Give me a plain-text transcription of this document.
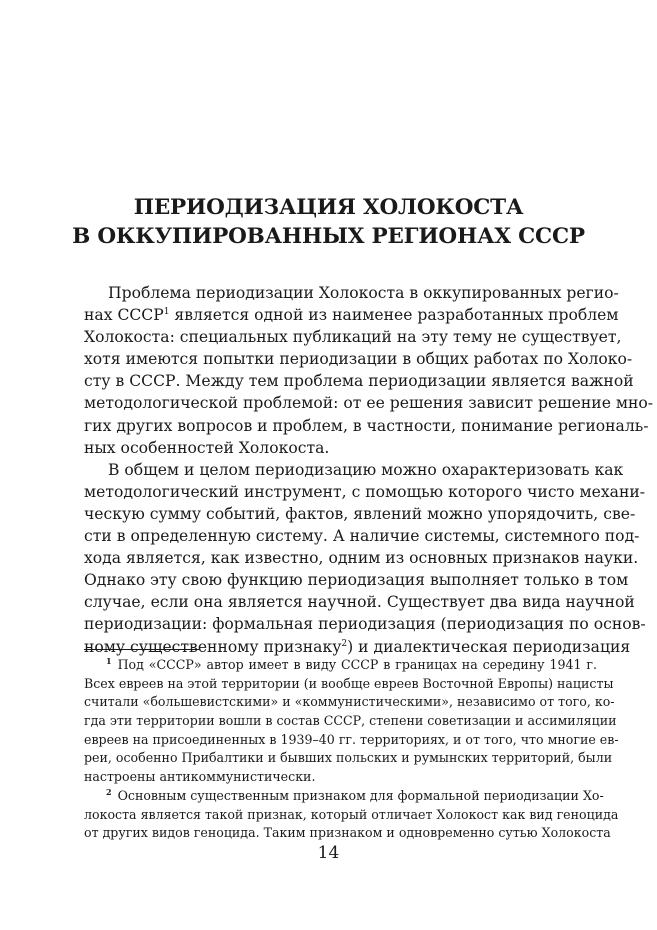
ПЕРИОДИЗАЦИЯ ХОЛОКОСТА
В ОККУПИРОВАННЫХ РЕГИОНАХ СССР
Проблема периодизации Холокоста в оккупированных регио-
нах СССР$^1$ является одной из наименее разработанных проблем
Холокоста: специальных публикаций на эту тему не существует,
хотя имеются попытки периодизации в общих работах по Холоко-
сту в СССР. Между тем проблема периодизации является важной
методологической проблемой: от ее решения зависит решение мно-
гих других вопросов и проблем, в частности, понимание региональ-
ных особенностей Холокоста.
В общем и целом периодизацию можно охарактеризовать как
методологический инструмент, с помощью которого чисто механи-
ческую сумму событий, фактов, явлений можно упорядочить, све-
сти в определенную систему. А наличие системы, системного под-
хода является, как известно, одним из основных признаков науки.
Однако эту свою функцию периодизация выполняет только в том
случае, если она является научной. Существует два вида научной
периодизации: формальная периодизация (периодизация по основ-
ному существенному признаку$^2$) и диалектическая периодизация
$^1$ Под «СССР» автор имеет в виду СССР в границах на середину 1941 г.
Всех евреев на этой территории (и вообще евреев Восточной Европы) нацисты
считали «большевистскими» и «коммунистическими», независимо от того, ко-
гда эти территории вошли в состав СССР, степени советизации и ассимиляции
евреев на присоединенных в 1939–40 гг. территориях, и от того, что многие ев-
реи, особенно Прибалтики и бывших польских и румынских территорий, были
настроены антикоммунистически.
$^2$ Основным существенным признаком для формальной периодизации Хо-
локоста является такой признак, который отличает Холокост как вид геноцида
от других видов геноцида. Таким признаком и одновременно сутью Холокоста
14
